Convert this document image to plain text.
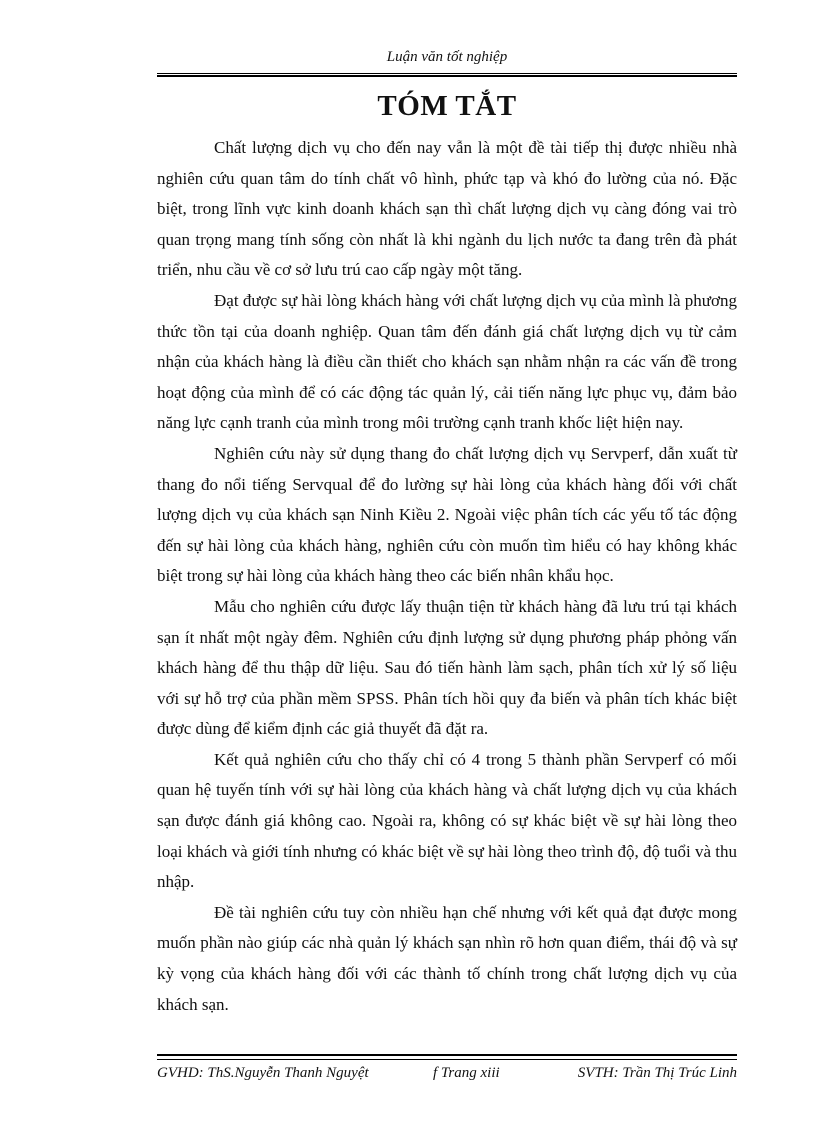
Luận văn tốt nghiệp
TÓM TẮT

Chất lượng dịch vụ cho đến nay vẫn là một đề tài tiếp thị được nhiều nhà nghiên cứu quan tâm do tính chất vô hình, phức tạp và khó đo lường của nó. Đặc biệt, trong lĩnh vực kinh doanh khách sạn thì chất lượng dịch vụ càng đóng vai trò quan trọng mang tính sống còn nhất là khi ngành du lịch nước ta đang trên đà phát triển, nhu cầu về cơ sở lưu trú cao cấp ngày một tăng.

Đạt được sự hài lòng khách hàng với chất lượng dịch vụ của mình là phương thức tồn tại của doanh nghiệp. Quan tâm đến đánh giá chất lượng dịch vụ từ cảm nhận của khách hàng là điều cần thiết cho khách sạn nhằm nhận ra các vấn đề trong hoạt động của mình để có các động tác quản lý, cải tiến năng lực phục vụ, đảm bảo năng lực cạnh tranh của mình trong môi trường cạnh tranh khốc liệt hiện nay.

Nghiên cứu này sử dụng thang đo chất lượng dịch vụ Servperf, dẫn xuất từ thang đo nổi tiếng Servqual để đo lường sự hài lòng của khách hàng đối với chất lượng dịch vụ của khách sạn Ninh Kiều 2. Ngoài việc phân tích các yếu tố tác động đến sự hài lòng của khách hàng, nghiên cứu còn muốn tìm hiểu có hay không khác biệt trong sự hài lòng của khách hàng theo các biến nhân khẩu học.

Mẫu cho nghiên cứu được lấy thuận tiện từ khách hàng đã lưu trú tại khách sạn ít nhất một ngày đêm. Nghiên cứu định lượng sử dụng phương pháp phỏng vấn khách hàng để thu thập dữ liệu. Sau đó tiến hành làm sạch, phân tích xử lý số liệu với sự hỗ trợ của phần mềm SPSS. Phân tích hồi quy đa biến và phân tích khác biệt được dùng để kiểm định các giả thuyết đã đặt ra.

Kết quả nghiên cứu cho thấy chỉ có 4 trong 5 thành phần Servperf có mối quan hệ tuyến tính với sự hài lòng của khách hàng và chất lượng dịch vụ của khách sạn được đánh giá không cao. Ngoài ra, không có sự khác biệt về sự hài lòng theo loại khách và giới tính nhưng có khác biệt về sự hài lòng theo trình độ, độ tuổi và thu nhập.

Đề tài nghiên cứu tuy còn nhiều hạn chế nhưng với kết quả đạt được mong muốn phần nào giúp các nhà quản lý khách sạn nhìn rõ hơn quan điểm, thái độ và sự kỳ vọng của khách hàng đối với các thành tố chính trong chất lượng dịch vụ của khách sạn.

GVHD: ThS.Nguyễn Thanh Nguyệt	f Trang xiii	SVTH: Trần Thị Trúc Linh
